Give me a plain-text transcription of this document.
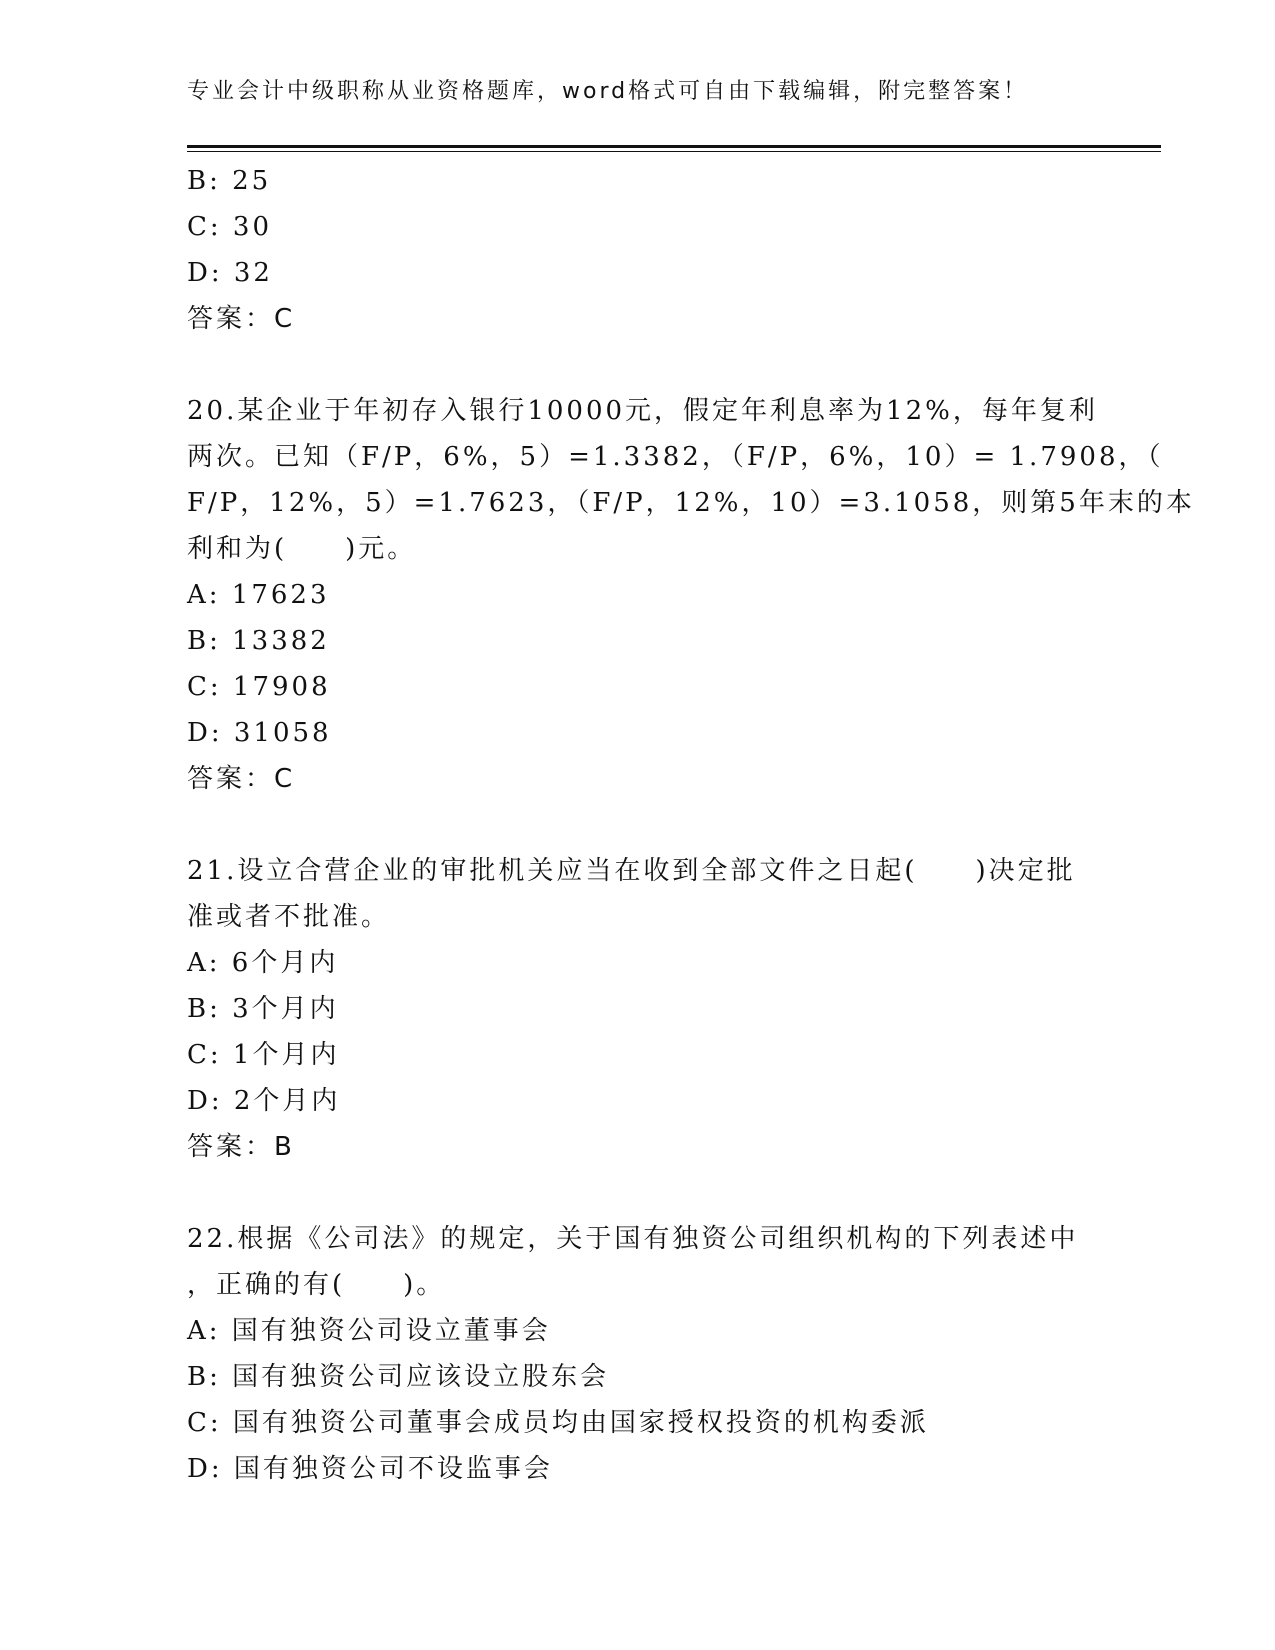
专业会计中级职称从业资格题库，word格式可自由下载编辑，附完整答案！
B: 25
C: 30
D: 32
答案：C
20.某企业于年初存入银行10000元，假定年利息率为12%，每年复利
两次。已知（F/P，6%，5）=1.3382，（F/P，6%，10）= 1.7908，（
F/P，12%，5）=1.7623，（F/P，12%，10）=3.1058，则第5年末的本
利和为(　　)元。
A: 17623
B: 13382
C: 17908
D: 31058
答案：C
21.设立合营企业的审批机关应当在收到全部文件之日起(　　)决定批
准或者不批准。
A: 6个月内
B: 3个月内
C: 1个月内
D: 2个月内
答案：B
22.根据《公司法》的规定，关于国有独资公司组织机构的下列表述中
，正确的有(　　)。
A: 国有独资公司设立董事会
B: 国有独资公司应该设立股东会
C: 国有独资公司董事会成员均由国家授权投资的机构委派
D: 国有独资公司不设监事会
